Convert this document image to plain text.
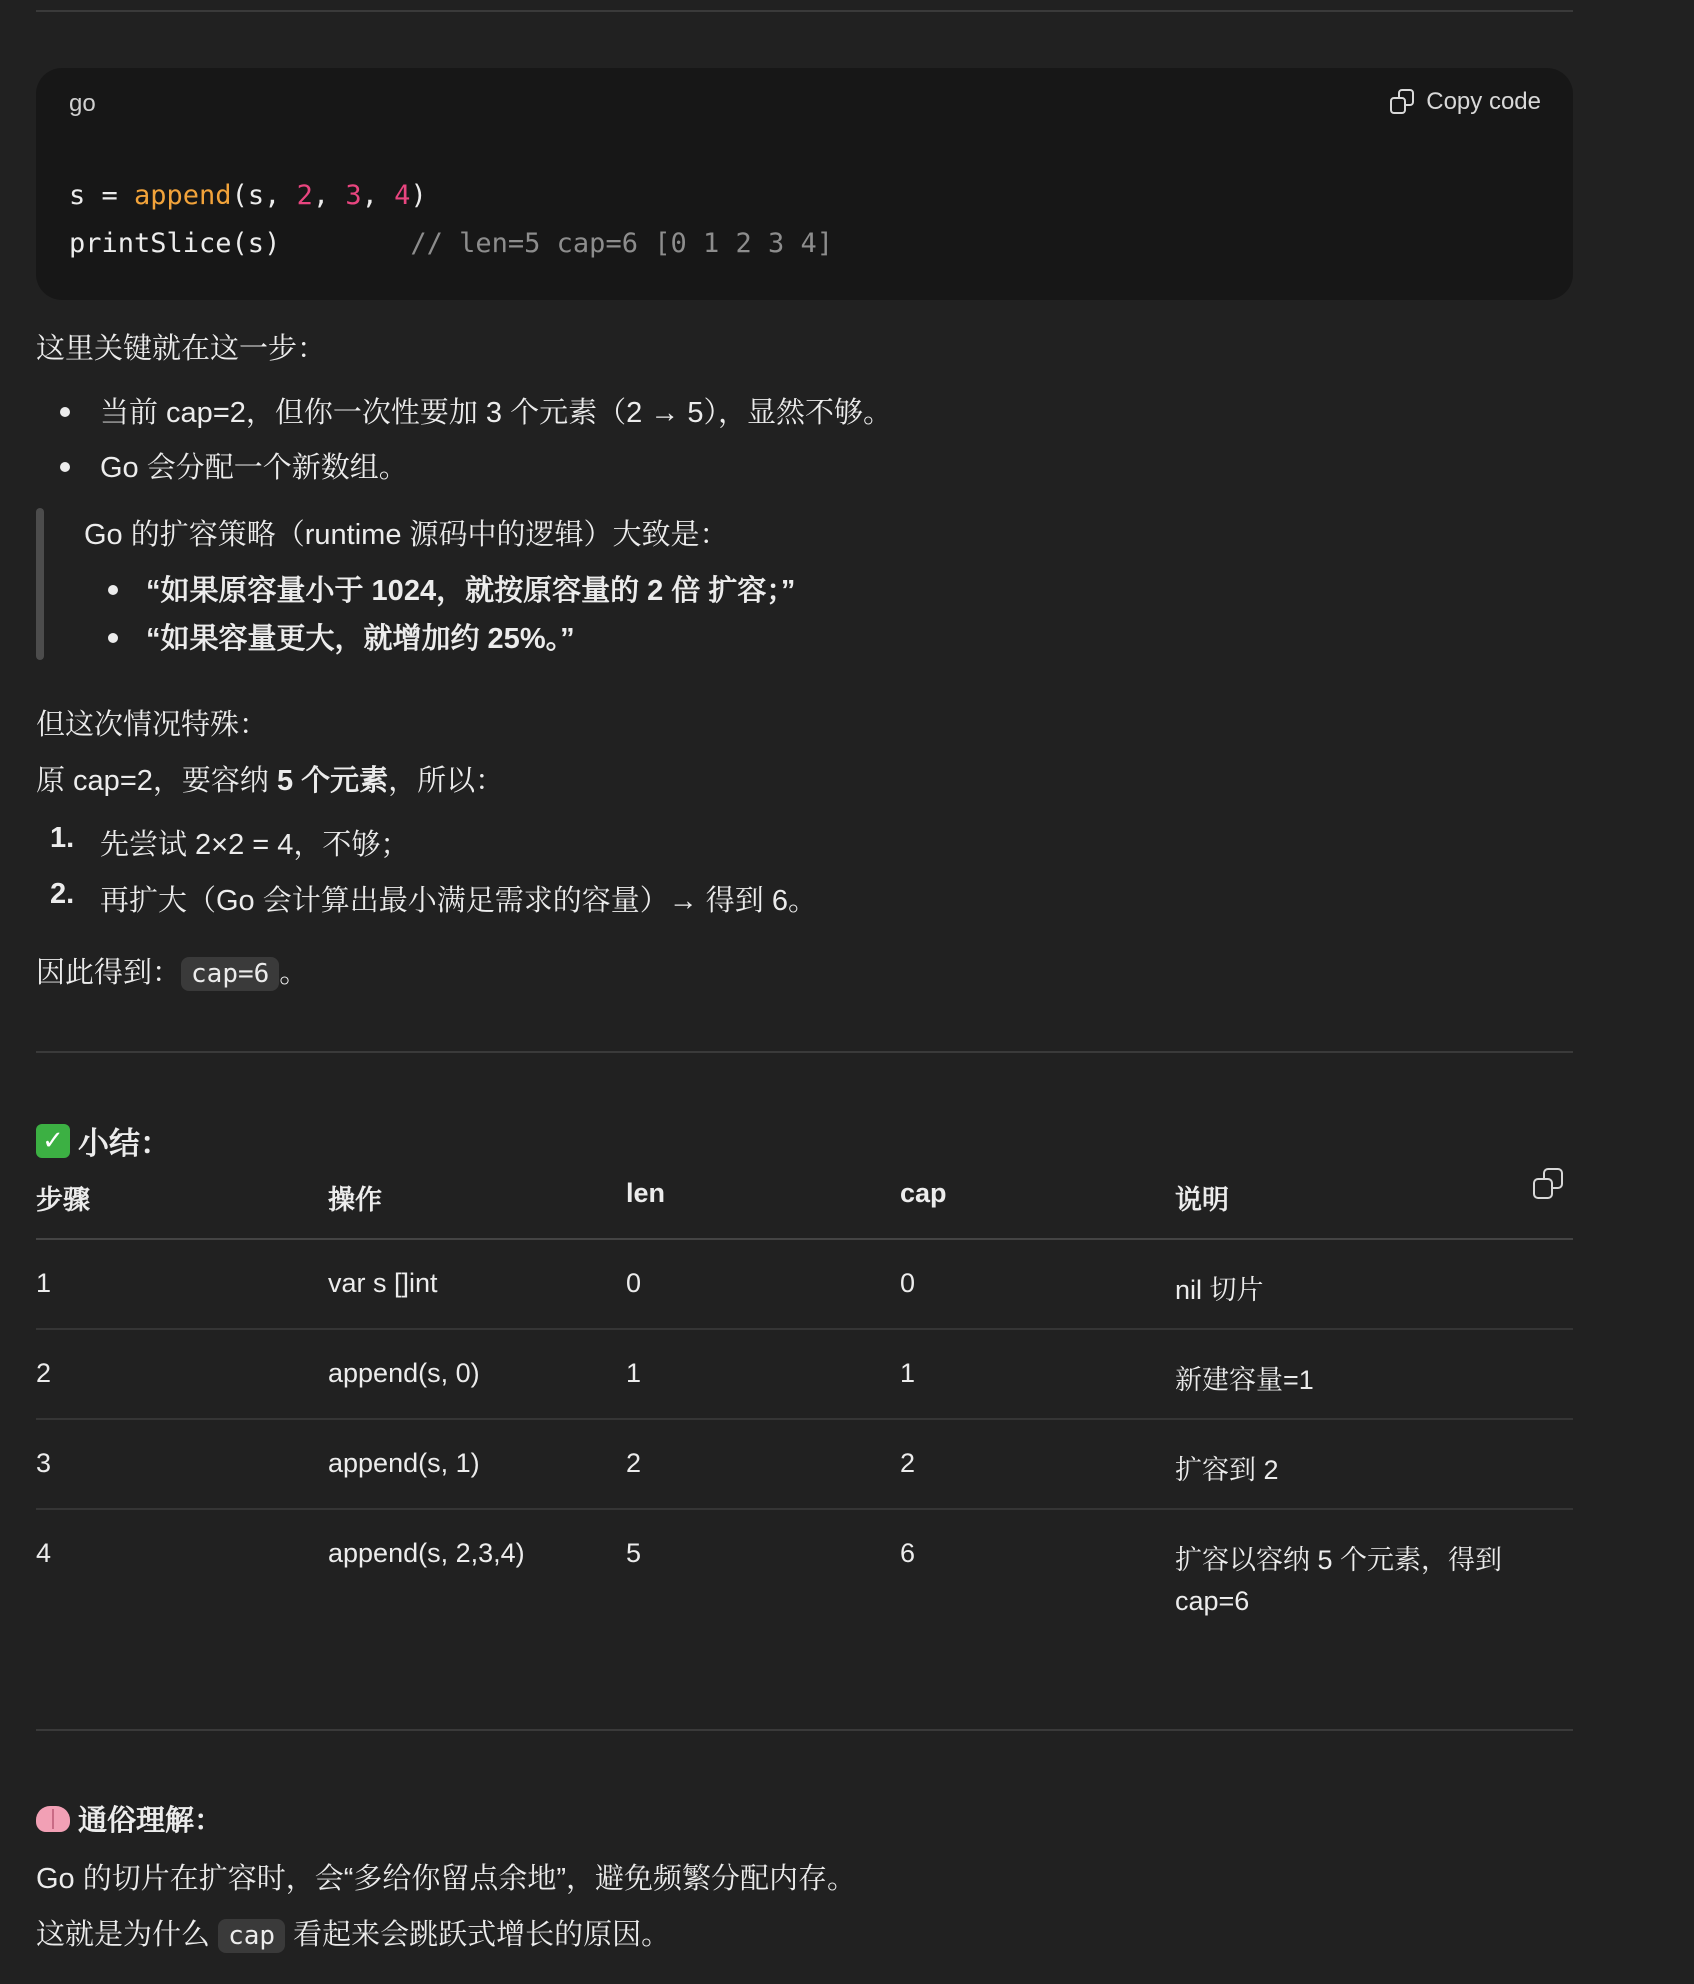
go	Copy code
s = append(s, 2, 3, 4)
printSlice(s)	// len=5 cap=6 [0 1 2 3 4]
这里关键就在这一步：
当前 cap=2，但你一次性要加 3 个元素（2 → 5），显然不够。
Go 会分配一个新数组。
Go 的扩容策略（runtime 源码中的逻辑）大致是：
“如果原容量小于 1024，就按原容量的 2 倍 扩容；”
“如果容量更大，就增加约 25%。”
但这次情况特殊：
原 cap=2，要容纳 5 个元素，所以：
1. 先尝试 2×2 = 4，不够；
2. 再扩大（Go 会计算出最小满足需求的容量）→ 得到 6。
因此得到： cap=6 。
✓ 小结：
步骤	操作	len	cap	说明
1	var s []int	0	0	nil 切片
2	append(s, 0)	1	1	新建容量=1
3	append(s, 1)	2	2	扩容到 2
4	append(s, 2,3,4)	5	6	扩容以容纳 5 个元素，得到
cap=6
通俗理解：
Go 的切片在扩容时，会“多给你留点余地”，避免频繁分配内存。
这就是为什么 cap 看起来会跳跃式增长的原因。
